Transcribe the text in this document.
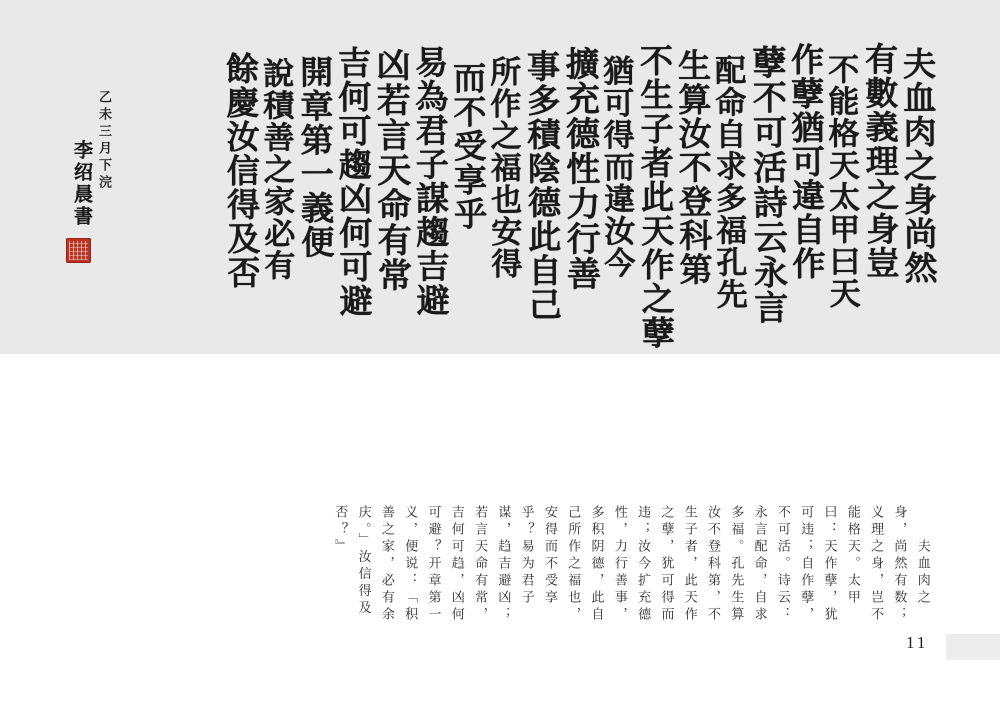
夫血肉之身尚然
有數義理之身豈
不能格天太甲曰天
作孽猶可違自作
孽不可活詩云永言
配命自求多福孔先
生算汝不登科第
不生子者此天作之孽
猶可得而違汝今
擴充德性力行善
事多積陰德此自己
所作之福也安得
而不受享乎
易為君子謀趨吉避
凶若言天命有常
吉何可趨凶何可避
開章第一義便
說積善之家必有
餘慶汝信得及否
乙未三月下浣
李绍晨書
夫血肉之
身，尚然有数；
义理之身，岂不
能格天。太甲
曰：天作孽，犹
可违；自作孽，
不可活。诗云：
永言配命，自求
多福。孔先生算
汝不登科第，不
生子者，此天作
之孽，犹可得而
违；汝今扩充德
性，力行善事，
多积阴德，此自
己所作之福也，
安得而不受享
乎？易为君子
谋，趋吉避凶；
若言天命有常，
吉何可趋，凶何
可避？开章第一
义，便说：「积
善之家，必有余
庆。」汝信得及
否？』
11
